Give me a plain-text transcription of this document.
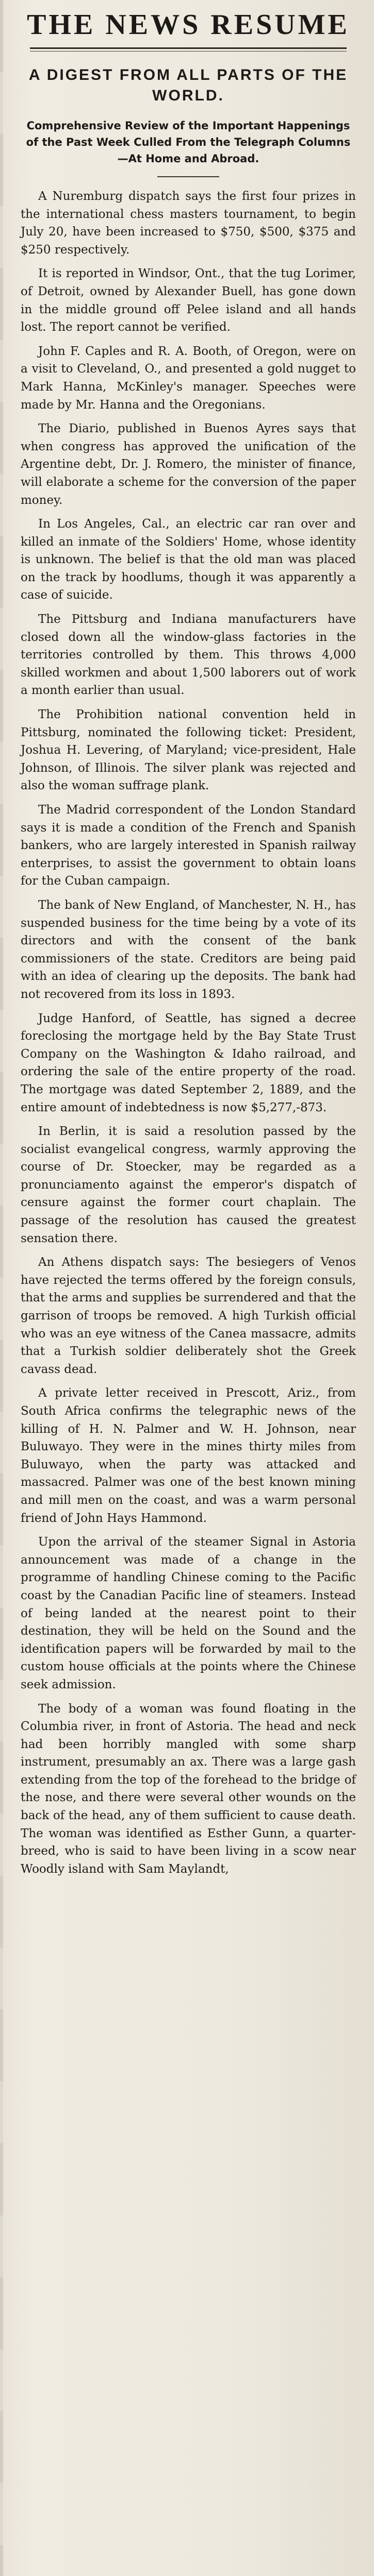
THE NEWS RESUME
A DIGEST FROM ALL PARTS OF THE WORLD.
Comprehensive Review of the Important Happenings of the Past Week Culled From the Telegraph Columns —At Home and Abroad.

A Nuremburg dispatch says the first four prizes in the international chess masters tournament, to begin July 20, have been increased to $750, $500, $375 and $250 respectively.

It is reported in Windsor, Ont., that the tug Lorimer, of Detroit, owned by Alexander Buell, has gone down in the middle ground off Pelee island and all hands lost. The report cannot be verified.

John F. Caples and R. A. Booth, of Oregon, were on a visit to Cleveland, O., and presented a gold nugget to Mark Hanna, McKinley's manager. Speeches were made by Mr. Hanna and the Oregonians.

The Diario, published in Buenos Ayres says that when congress has approved the unification of the Argentine debt, Dr. J. Romero, the minister of finance, will elaborate a scheme for the conversion of the paper money.

In Los Angeles, Cal., an electric car ran over and killed an inmate of the Soldiers' Home, whose identity is unknown. The belief is that the old man was placed on the track by hoodlums, though it was apparently a case of suicide.

The Pittsburg and Indiana manufacturers have closed down all the window-glass factories in the territories controlled by them. This throws 4,000 skilled workmen and about 1,500 laborers out of work a month earlier than usual.

The Prohibition national convention held in Pittsburg, nominated the following ticket: President, Joshua H. Levering, of Maryland; vice-president, Hale Johnson, of Illinois. The silver plank was rejected and also the woman suffrage plank.

The Madrid correspondent of the London Standard says it is made a condition of the French and Spanish bankers, who are largely interested in Spanish railway enterprises, to assist the government to obtain loans for the Cuban campaign.

The bank of New England, of Manchester, N. H., has suspended business for the time being by a vote of its directors and with the consent of the bank commissioners of the state. Creditors are being paid with an idea of clearing up the deposits. The bank had not recovered from its loss in 1893.

Judge Hanford, of Seattle, has signed a decree foreclosing the mortgage held by the Bay State Trust Company on the Washington & Idaho railroad, and ordering the sale of the entire property of the road. The mortgage was dated September 2, 1889, and the entire amount of indebtedness is now $5,277,-873.

In Berlin, it is said a resolution passed by the socialist evangelical congress, warmly approving the course of Dr. Stoecker, may be regarded as a pronunciamento against the emperor's dispatch of censure against the former court chaplain. The passage of the resolution has caused the greatest sensation there.

An Athens dispatch says: The besiegers of Venos have rejected the terms offered by the foreign consuls, that the arms and supplies be surrendered and that the garrison of troops be removed. A high Turkish official who was an eye witness of the Canea massacre, admits that a Turkish soldier deliberately shot the Greek cavass dead.

A private letter received in Prescott, Ariz., from South Africa confirms the telegraphic news of the killing of H. N. Palmer and W. H. Johnson, near Buluwayo. They were in the mines thirty miles from Buluwayo, when the party was attacked and massacred. Palmer was one of the best known mining and mill men on the coast, and was a warm personal friend of John Hays Hammond.

Upon the arrival of the steamer Signal in Astoria announcement was made of a change in the programme of handling Chinese coming to the Pacific coast by the Canadian Pacific line of steamers. Instead of being landed at the nearest point to their destination, they will be held on the Sound and the identification papers will be forwarded by mail to the custom house officials at the points where the Chinese seek admission.

The body of a woman was found floating in the Columbia river, in front of Astoria. The head and neck had been horribly mangled with some sharp instrument, presumably an ax. There was a large gash extending from the top of the forehead to the bridge of the nose, and there were several other wounds on the back of the head, any of them sufficient to cause death. The woman was identified as Esther Gunn, a quarter-breed, who is said to have been living in a scow near Woodly island with Sam Maylandt,
